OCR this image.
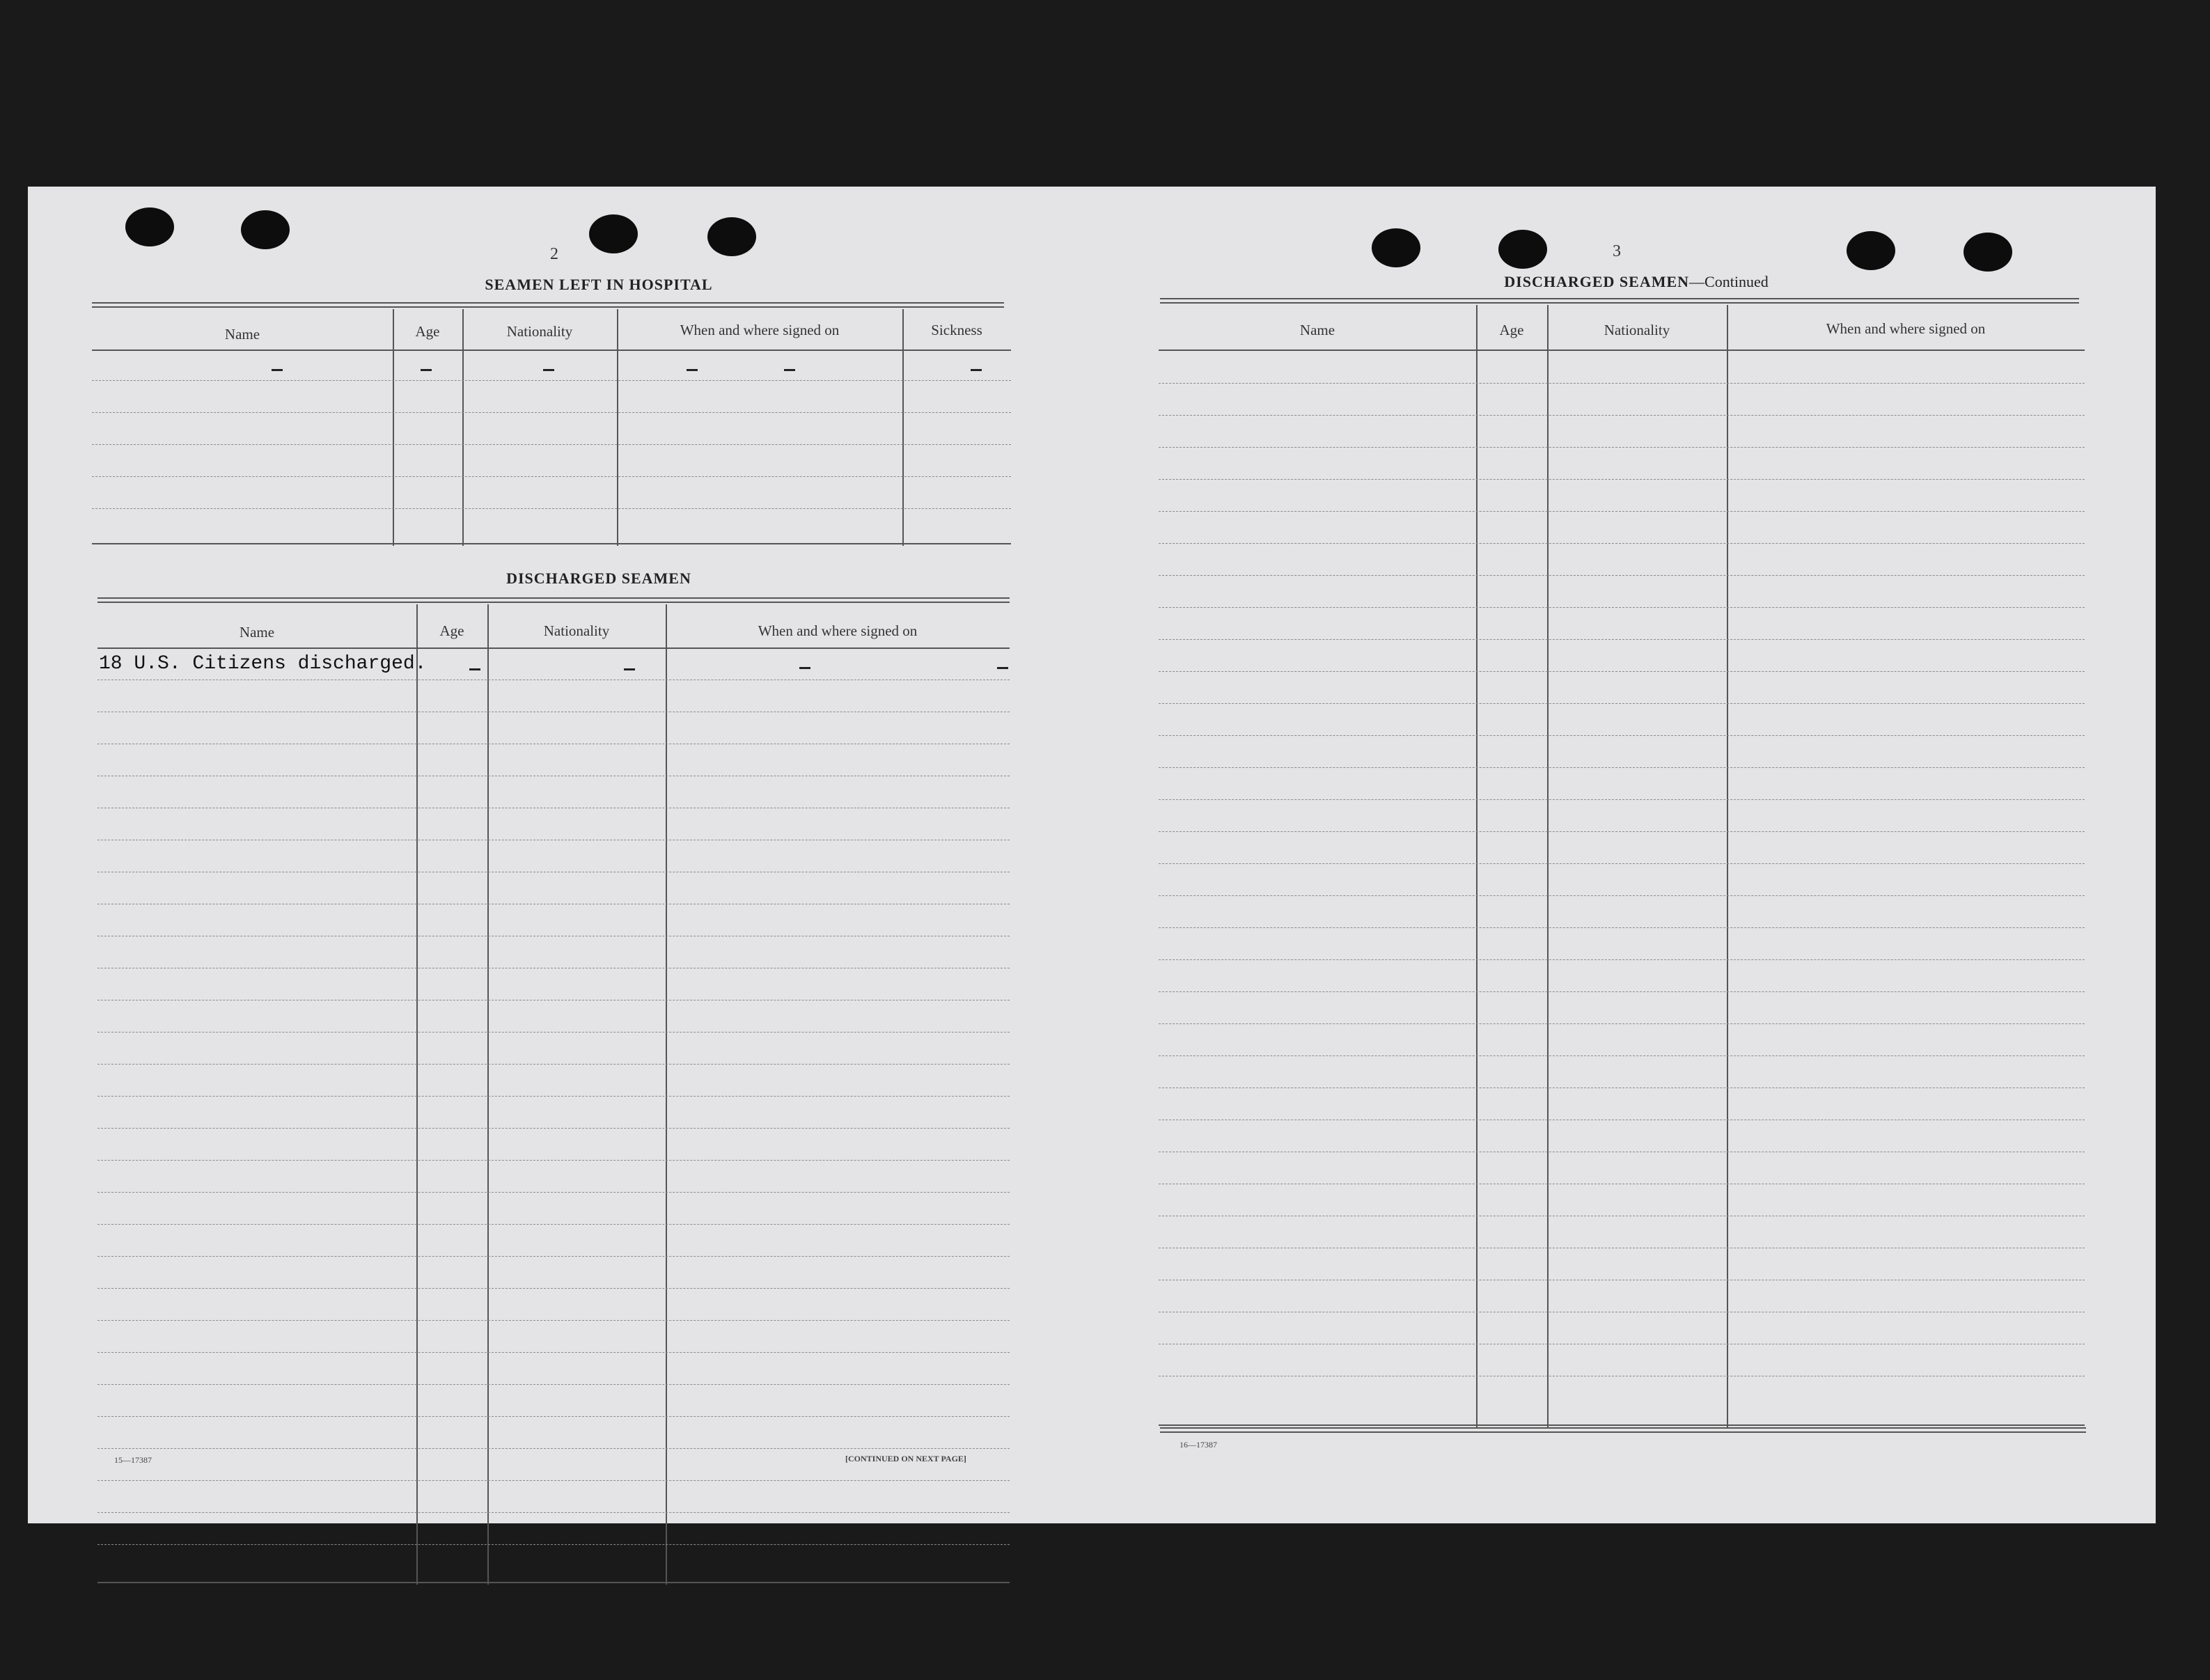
2
SEAMEN LEFT IN HOSPITAL
Name	Age	Nationality	When and where signed on	Sickness
DISCHARGED SEAMEN
Name	Age	Nationality	When and where signed on
18 U.S. Citizens discharged.
15—17387	[CONTINUED ON NEXT PAGE]
3
DISCHARGED SEAMEN—Continued
Name	Age	Nationality	When and where signed on
16—17387
